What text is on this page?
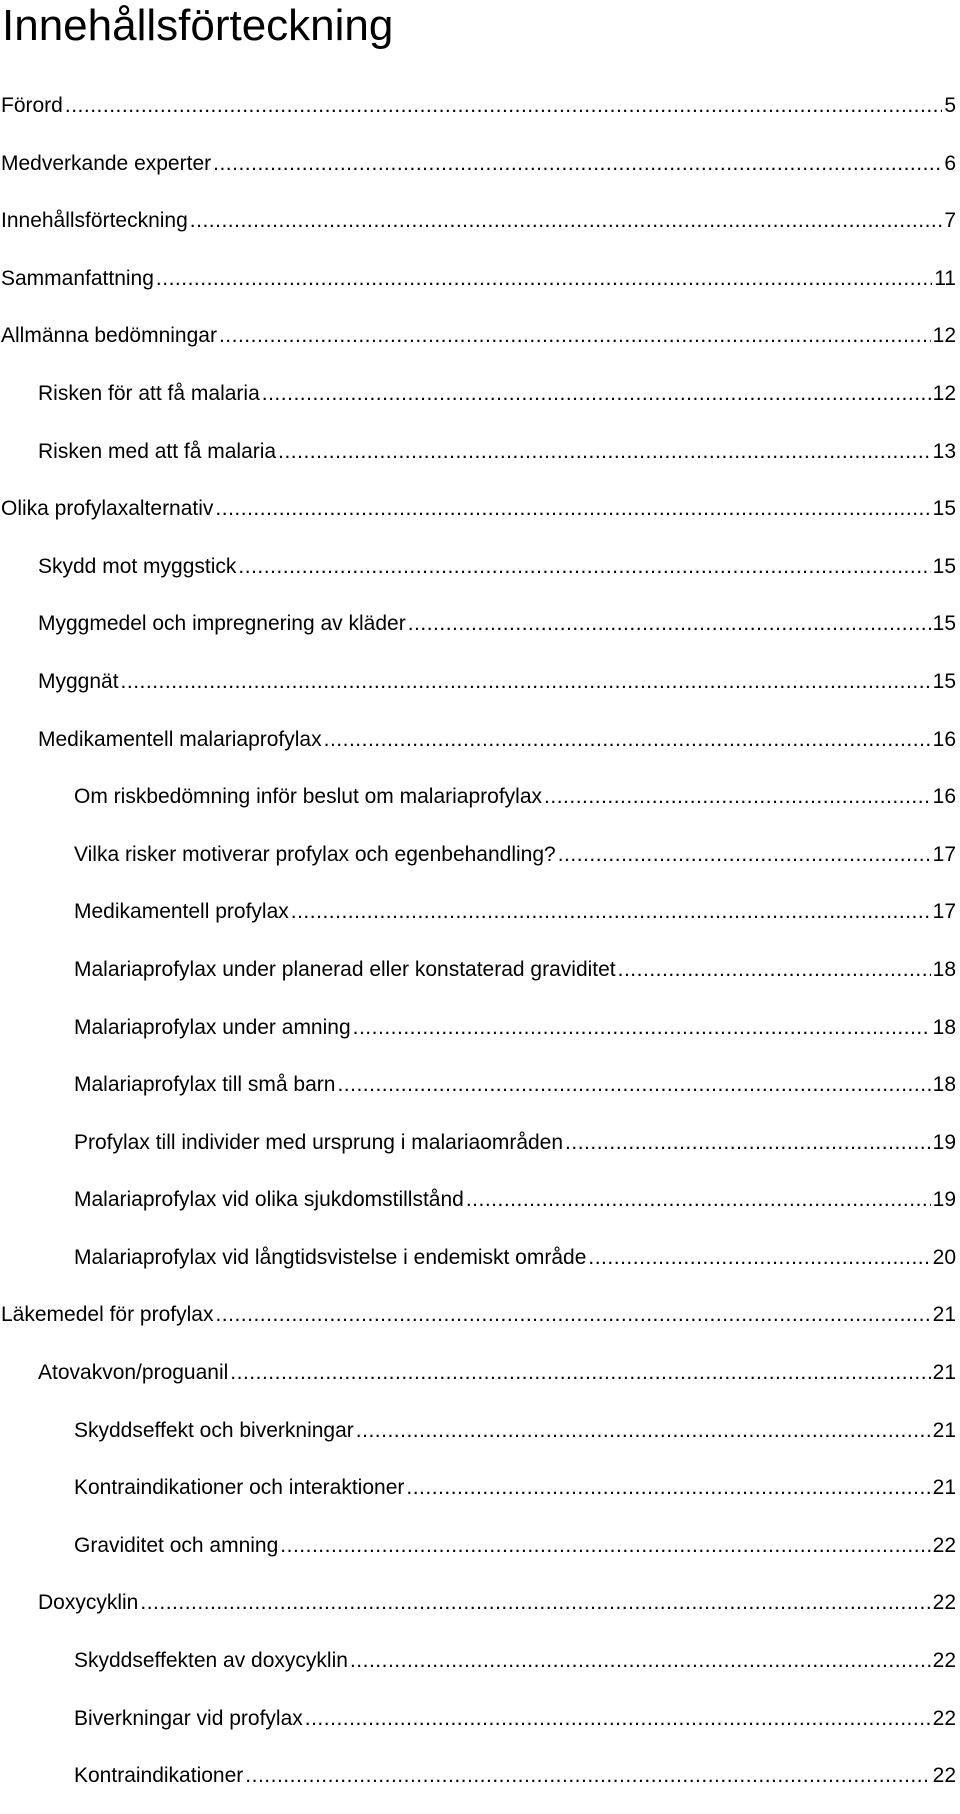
Innehållsförteckning
Förord .....	5
Medverkande experter .....	6
Innehållsförteckning .....	7
Sammanfattning .....	11
Allmänna bedömningar .....	12
Risken för att få malaria .....	12
Risken med att få malaria .....	13
Olika profylaxalternativ .....	15
Skydd mot myggstick .....	15
Myggmedel och impregnering av kläder .....	15
Myggnät .....	15
Medikamentell malariaprofylax .....	16
Om riskbedömning inför beslut om malariaprofylax .....	16
Vilka risker motiverar profylax och egenbehandling? .....	17
Medikamentell profylax .....	17
Malariaprofylax under planerad eller konstaterad graviditet .....	18
Malariaprofylax under amning .....	18
Malariaprofylax till små barn .....	18
Profylax till individer med ursprung i malariaområden .....	19
Malariaprofylax vid olika sjukdomstillstånd .....	19
Malariaprofylax vid långtidsvistelse i endemiskt område .....	20
Läkemedel för profylax .....	21
Atovakvon/proguanil .....	21
Skyddseffekt och biverkningar .....	21
Kontraindikationer och interaktioner .....	21
Graviditet och amning .....	22
Doxycyklin .....	22
Skyddseffekten av doxycyklin .....	22
Biverkningar vid profylax .....	22
Kontraindikationer .....	22
